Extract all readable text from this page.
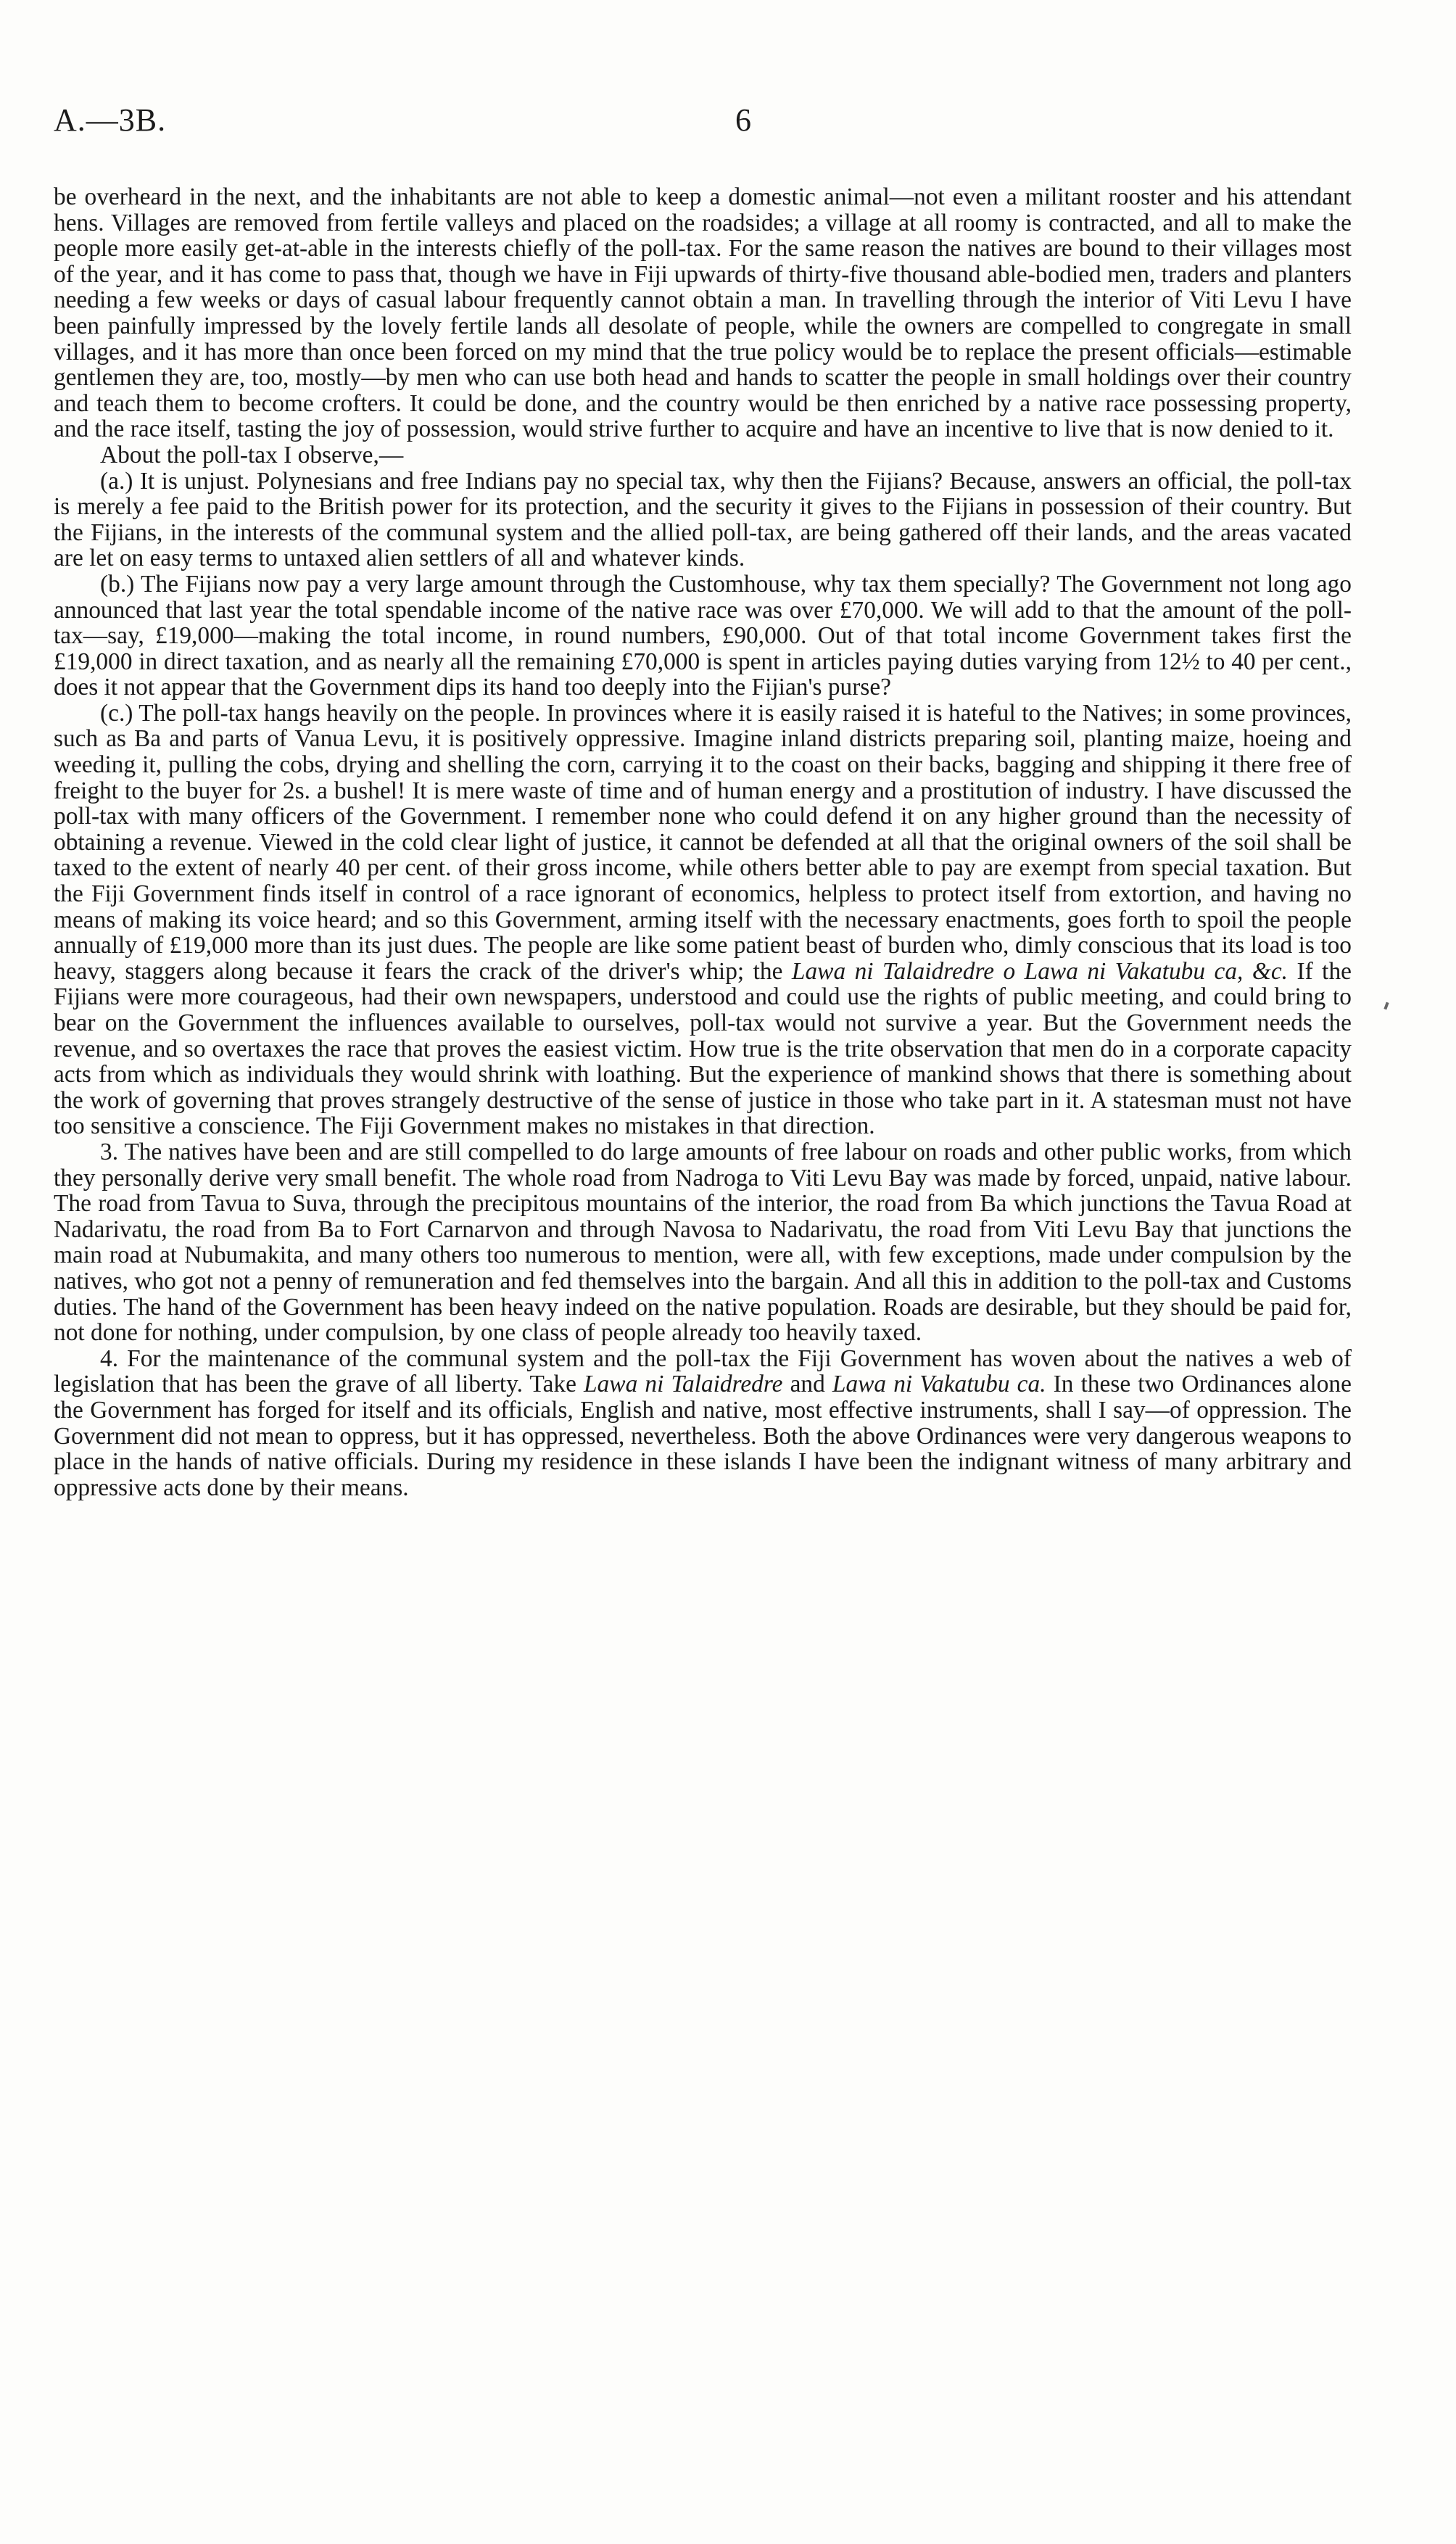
A.—3B.	6

be overheard in the next, and the inhabitants are not able to keep a domestic animal—not even a militant rooster and his attendant hens. Villages are removed from fertile valleys and placed on the roadsides; a village at all roomy is contracted, and all to make the people more easily get-at-able in the interests chiefly of the poll-tax. For the same reason the natives are bound to their villages most of the year, and it has come to pass that, though we have in Fiji upwards of thirty-five thousand able-bodied men, traders and planters needing a few weeks or days of casual labour frequently cannot obtain a man. In travelling through the interior of Viti Levu I have been painfully impressed by the lovely fertile lands all desolate of people, while the owners are compelled to congregate in small villages, and it has more than once been forced on my mind that the true policy would be to replace the present officials—estimable gentlemen they are, too, mostly—by men who can use both head and hands to scatter the people in small holdings over their country and teach them to become crofters. It could be done, and the country would be then enriched by a native race possessing property, and the race itself, tasting the joy of possession, would strive further to acquire and have an incentive to live that is now denied to it.

About the poll-tax I observe,—

(a.) It is unjust. Polynesians and free Indians pay no special tax, why then the Fijians? Because, answers an official, the poll-tax is merely a fee paid to the British power for its protection, and the security it gives to the Fijians in possession of their country. But the Fijians, in the interests of the communal system and the allied poll-tax, are being gathered off their lands, and the areas vacated are let on easy terms to untaxed alien settlers of all and whatever kinds.

(b.) The Fijians now pay a very large amount through the Customhouse, why tax them specially? The Government not long ago announced that last year the total spendable income of the native race was over £70,000. We will add to that the amount of the poll-tax—say, £19,000—making the total income, in round numbers, £90,000. Out of that total income Government takes first the £19,000 in direct taxation, and as nearly all the remaining £70,000 is spent in articles paying duties varying from 12½ to 40 per cent., does it not appear that the Government dips its hand too deeply into the Fijian's purse?

(c.) The poll-tax hangs heavily on the people. In provinces where it is easily raised it is hateful to the Natives; in some provinces, such as Ba and parts of Vanua Levu, it is positively oppressive. Imagine inland districts preparing soil, planting maize, hoeing and weeding it, pulling the cobs, drying and shelling the corn, carrying it to the coast on their backs, bagging and shipping it there free of freight to the buyer for 2s. a bushel! It is mere waste of time and of human energy and a prostitution of industry. I have discussed the poll-tax with many officers of the Government. I remember none who could defend it on any higher ground than the necessity of obtaining a revenue. Viewed in the cold clear light of justice, it cannot be defended at all that the original owners of the soil shall be taxed to the extent of nearly 40 per cent. of their gross income, while others better able to pay are exempt from special taxation. But the Fiji Government finds itself in control of a race ignorant of economics, helpless to protect itself from extortion, and having no means of making its voice heard; and so this Government, arming itself with the necessary enactments, goes forth to spoil the people annually of £19,000 more than its just dues. The people are like some patient beast of burden who, dimly conscious that its load is too heavy, staggers along because it fears the crack of the driver's whip; the Lawa ni Talaidredre o Lawa ni Vakatubu ca, &c. If the Fijians were more courageous, had their own newspapers, understood and could use the rights of public meeting, and could bring to bear on the Government the influences available to ourselves, poll-tax would not survive a year. But the Government needs the revenue, and so overtaxes the race that proves the easiest victim. How true is the trite observation that men do in a corporate capacity acts from which as individuals they would shrink with loathing. But the experience of mankind shows that there is something about the work of governing that proves strangely destructive of the sense of justice in those who take part in it. A statesman must not have too sensitive a conscience. The Fiji Government makes no mistakes in that direction.

3. The natives have been and are still compelled to do large amounts of free labour on roads and other public works, from which they personally derive very small benefit. The whole road from Nadroga to Viti Levu Bay was made by forced, unpaid, native labour. The road from Tavua to Suva, through the precipitous mountains of the interior, the road from Ba which junctions the Tavua Road at Nadarivatu, the road from Ba to Fort Carnarvon and through Navosa to Nadarivatu, the road from Viti Levu Bay that junctions the main road at Nubumakita, and many others too numerous to mention, were all, with few exceptions, made under compulsion by the natives, who got not a penny of remuneration and fed themselves into the bargain. And all this in addition to the poll-tax and Customs duties. The hand of the Government has been heavy indeed on the native population. Roads are desirable, but they should be paid for, not done for nothing, under compulsion, by one class of people already too heavily taxed.

4. For the maintenance of the communal system and the poll-tax the Fiji Government has woven about the natives a web of legislation that has been the grave of all liberty. Take Lawa ni Talaidredre and Lawa ni Vakatubu ca. In these two Ordinances alone the Government has forged for itself and its officials, English and native, most effective instruments, shall I say—of oppression. The Government did not mean to oppress, but it has oppressed, nevertheless. Both the above Ordinances were very dangerous weapons to place in the hands of native officials. During my residence in these islands I have been the indignant witness of many arbitrary and oppressive acts done by their means.
